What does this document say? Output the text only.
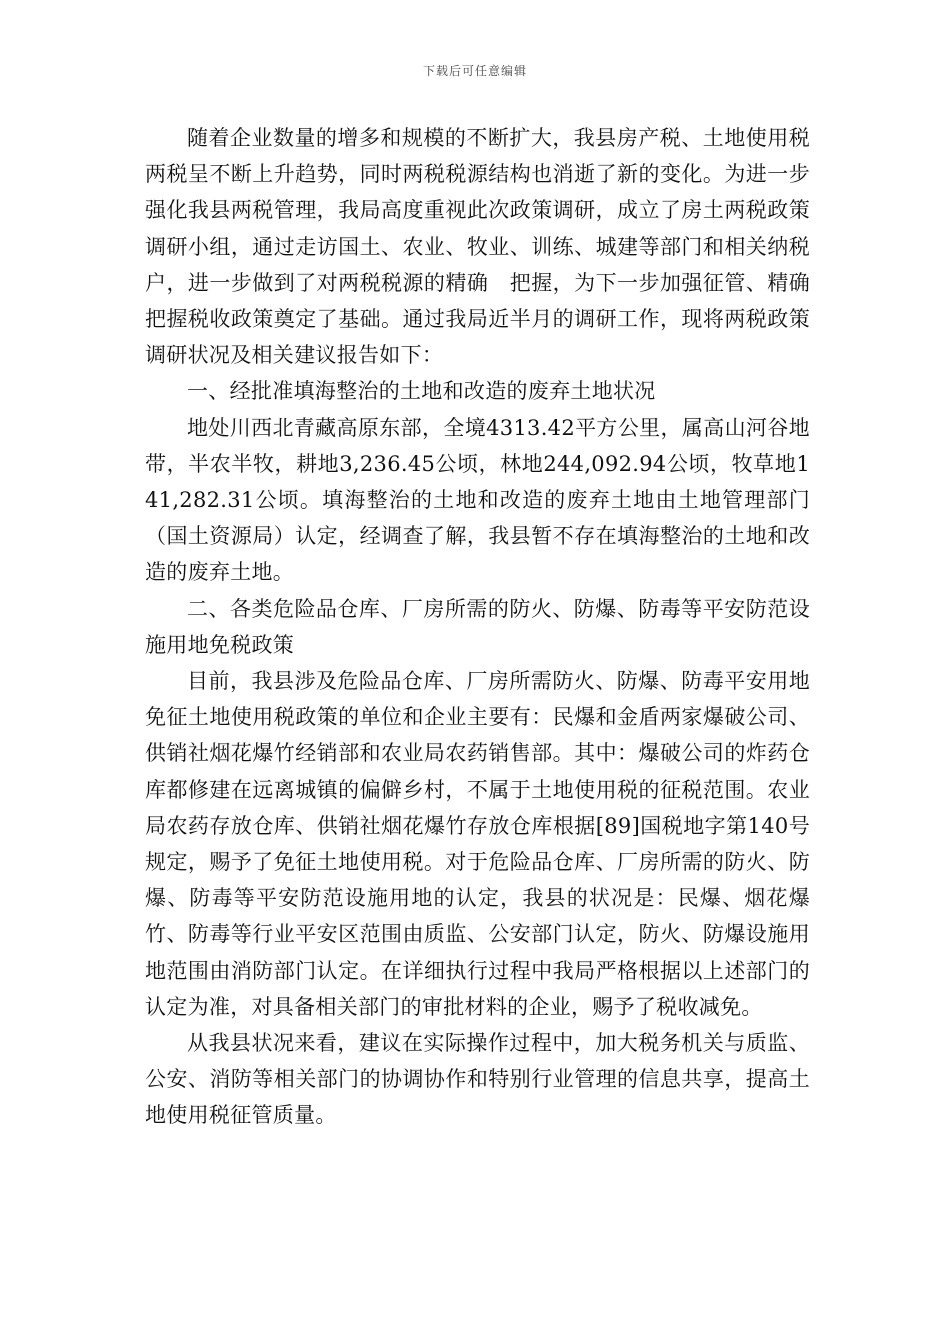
下载后可任意编辑

随着企业数量的增多和规模的不断扩大，我县房产税、土地使用税两税呈不断上升趋势，同时两税税源结构也消逝了新的变化。为进一步强化我县两税管理，我局高度重视此次政策调研，成立了房土两税政策调研小组，通过走访国土、农业、牧业、训练、城建等部门和相关纳税户，进一步做到了对两税税源的精确　把握，为下一步加强征管、精确　把握税收政策奠定了基础。通过我局近半月的调研工作，现将两税政策调研状况及相关建议报告如下：

一、经批准填海整治的土地和改造的废弃土地状况

地处川西北青藏高原东部，全境4313.42平方公里，属高山河谷地带，半农半牧，耕地3,236.45公顷，林地244,092.94公顷，牧草地141,282.31公顷。填海整治的土地和改造的废弃土地由土地管理部门（国土资源局）认定，经调查了解，我县暂不存在填海整治的土地和改造的废弃土地。

二、各类危险品仓库、厂房所需的防火、防爆、防毒等平安防范设施用地免税政策

目前，我县涉及危险品仓库、厂房所需防火、防爆、防毒平安用地免征土地使用税政策的单位和企业主要有：民爆和金盾两家爆破公司、供销社烟花爆竹经销部和农业局农药销售部。其中：爆破公司的炸药仓库都修建在远离城镇的偏僻乡村，不属于土地使用税的征税范围。农业局农药存放仓库、供销社烟花爆竹存放仓库根据[89]国税地字第140号规定，赐予了免征土地使用税。对于危险品仓库、厂房所需的防火、防爆、防毒等平安防范设施用地的认定，我县的状况是：民爆、烟花爆竹、防毒等行业平安区范围由质监、公安部门认定，防火、防爆设施用地范围由消防部门认定。在详细执行过程中我局严格根据以上述部门的认定为准，对具备相关部门的审批材料的企业，赐予了税收减免。

从我县状况来看，建议在实际操作过程中，加大税务机关与质监、公安、消防等相关部门的协调协作和特别行业管理的信息共享，提高土地使用税征管质量。
